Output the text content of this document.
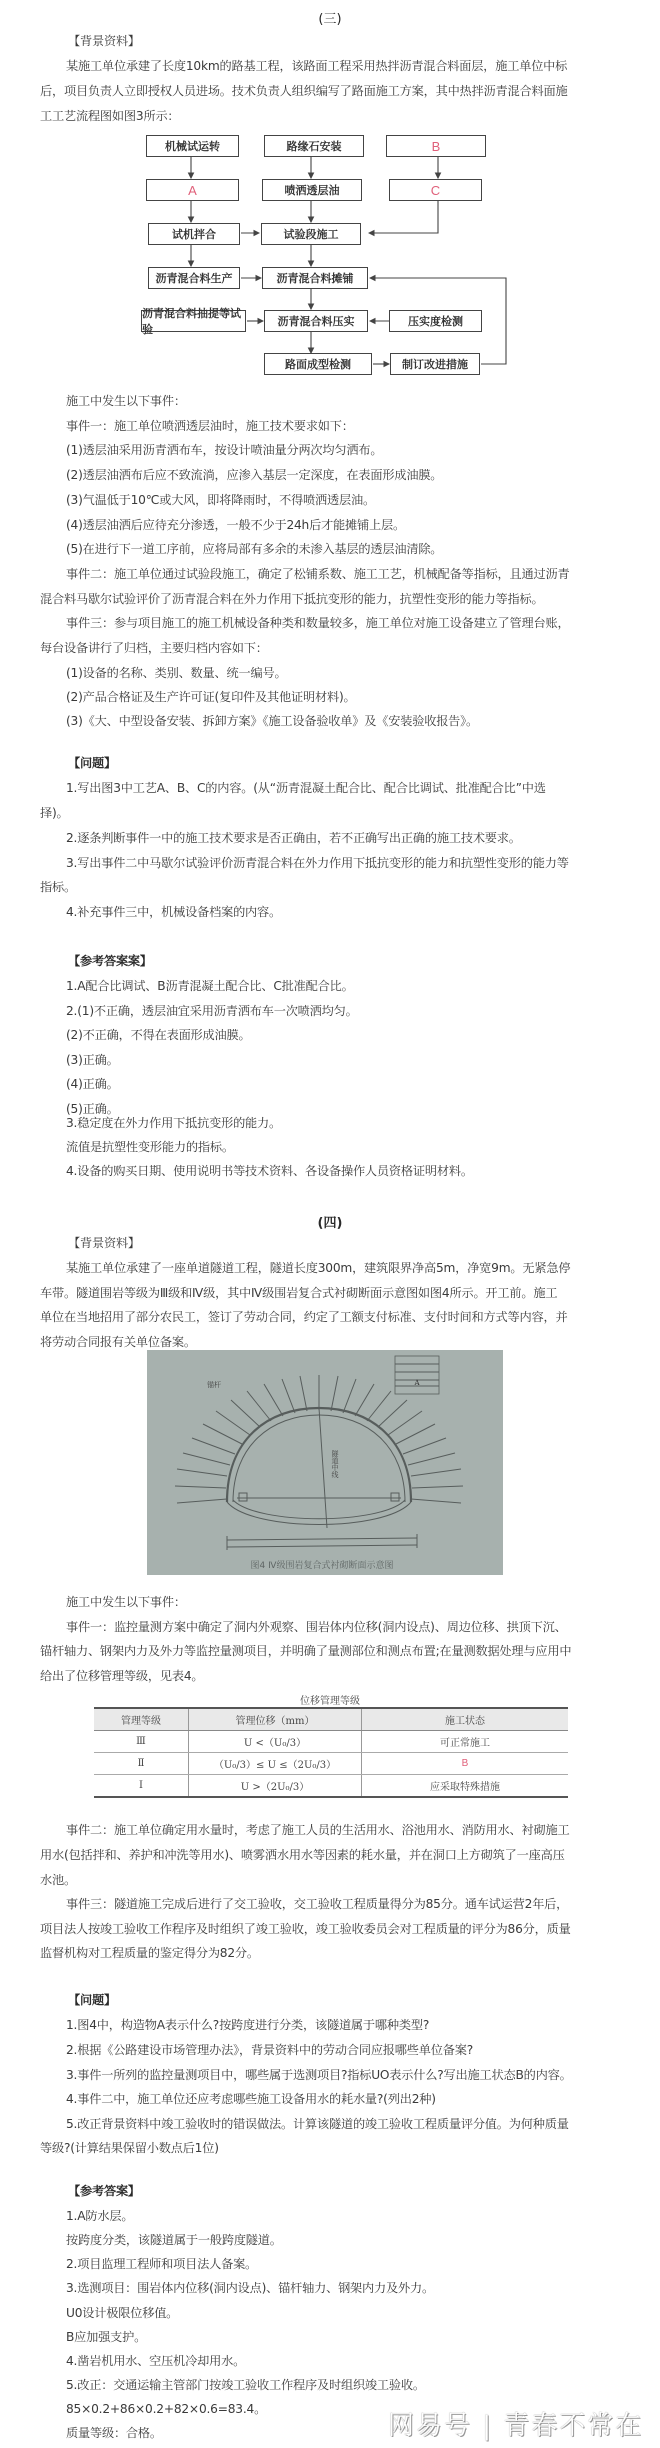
(三)
【背景资料】
某施工单位承建了长度10km的路基工程，该路面工程采用热拌沥青混合料面层，施工单位中标
后，项目负责人立即授权人员进场。技术负责人组织编写了路面施工方案，其中热拌沥青混合料面施
工工艺流程图如图3所示：
机械试运转	路缘石安装	B
A	喷洒透层油	C
试机拌合	试验段施工
沥青混合料生产	沥青混合料摊铺
沥青混合料抽提等试验
沥青混合料压实	压实度检测
路面成型检测	制订改进措施
施工中发生以下事件：
事件一：施工单位喷洒透层油时，施工技术要求如下：
(1)透层油采用沥青洒布车，按设计喷油量分两次均匀洒布。
(2)透层油洒布后应不致流淌，应渗入基层一定深度，在表面形成油膜。
(3)气温低于10℃或大风，即将降雨时，不得喷洒透层油。
(4)透层油洒后应待充分渗透，一般不少于24h后才能摊铺上层。
(5)在进行下一道工序前，应将局部有多余的未渗入基层的透层油清除。
事件二：施工单位通过试验段施工，确定了松铺系数、施工工艺，机械配备等指标，且通过沥青
混合料马歇尔试验评价了沥青混合料在外力作用下抵抗变形的能力，抗塑性变形的能力等指标。
事件三：参与项目施工的施工机械设备种类和数量较多，施工单位对施工设备建立了管理台账，
每台设备讲行了归档，主要归档内容如下：
(1)设备的名称、类别、数量、统一编号。
(2)产品合格证及生产许可证(复印件及其他证明材料)。
(3)《大、中型设备安装、拆卸方案》《施工设备验收单》及《安装验收报告》。
【问题】
1.写出图3中工艺A、B、C的内容。(从“沥青混凝土配合比、配合比调试、批准配合比”中选
择)。
2.逐条判断事件一中的施工技术要求是否正确由，若不正确写出正确的施工技术要求。
3.写出事件二中马歇尔试验评价沥青混合料在外力作用下抵抗变形的能力和抗塑性变形的能力等
指标。
4.补充事件三中，机械设备档案的内容。
【参考答案案】
1.A配合比调试、B沥青混凝土配合比、C批准配合比。
2.(1)不正确，透层油宜采用沥青洒布车一次喷洒均匀。
(2)不正确，不得在表面形成油膜。
(3)正确。
(4)正确。
(5)正确。
3.稳定度在外力作用下抵抗变形的能力。
流值是抗塑性变形能力的指标。
4.设备的购买日期、使用说明书等技术资料、各设备操作人员资格证明材料。
(四)
【背景资料】
某施工单位承建了一座单道隧道工程，隧道长度300m，建筑限界净高5m，净宽9m。无紧急停
车带。隧道围岩等级为Ⅲ级和Ⅳ级，其中Ⅳ级围岩复合式衬砌断面示意图如图4所示。开工前。施工
单位在当地招用了部分农民工，签订了劳动合同，约定了工额支付标准、支付时间和方式等内容，并
将劳动合同报有关单位备案。
A
锚杆
隧道中线
图4 Ⅳ级围岩复合式衬砌断面示意图
施工中发生以下事件：
事件一：监控量测方案中确定了洞内外观察、围岩体内位移(洞内设点)、周边位移、拱顶下沉、
锚杆轴力、钢架内力及外力等监控量测项目，并明确了量测部位和测点布置;在量测数据处理与应用中
给出了位移管理等级，见表4。
位移管理等级
管理等级	管理位移（mm）	施工状态
Ⅲ	U <（U₀/3）	可正常施工
Ⅱ	（U₀/3）≤ U ≤（2U₀/3）	B
Ⅰ	U >（2U₀/3）	应采取特殊措施
事件二：施工单位确定用水量时，考虑了施工人员的生活用水、浴池用水、消防用水、衬砌施工
用水(包括拌和、养护和冲洗等用水)、喷雾洒水用水等因素的耗水量，并在洞口上方砌筑了一座高压
水池。
事件三：隧道施工完成后进行了交工验收，交工验收工程质量得分为85分。通车试运营2年后，
项目法人按竣工验收工作程序及时组织了竣工验收，竣工验收委员会对工程质量的评分为86分，质量
监督机构对工程质量的鉴定得分为82分。
【问题】
1.图4中，构造物A表示什么?按跨度进行分类，该隧道属于哪种类型?
2.根据《公路建设市场管理办法》，背景资料中的劳动合同应报哪些单位备案?
3.事件一所列的监控量测项目中，哪些属于选测项目?指标UO表示什么?写出施工状态B的内容。
4.事件二中，施工单位还应考虑哪些施工设备用水的耗水量?(列出2种)
5.改正背景资料中竣工验收时的错误做法。计算该隧道的竣工验收工程质量评分值。为何种质量
等级?(计算结果保留小数点后1位)
【参考答案】
1.A防水层。
按跨度分类，该隧道属于一般跨度隧道。
2.项目监理工程师和项目法人备案。
3.选测项目：围岩体内位移(洞内设点)、锚杆轴力、钢架内力及外力。
U0设计极限位移值。
B应加强支护。
4.凿岩机用水、空压机冷却用水。
5.改正：交通运输主管部门按竣工验收工作程序及时组织竣工验收。
85×0.2+86×0.2+82×0.6=83.4。
质量等级：合格。	网易号 | 青春不常在
